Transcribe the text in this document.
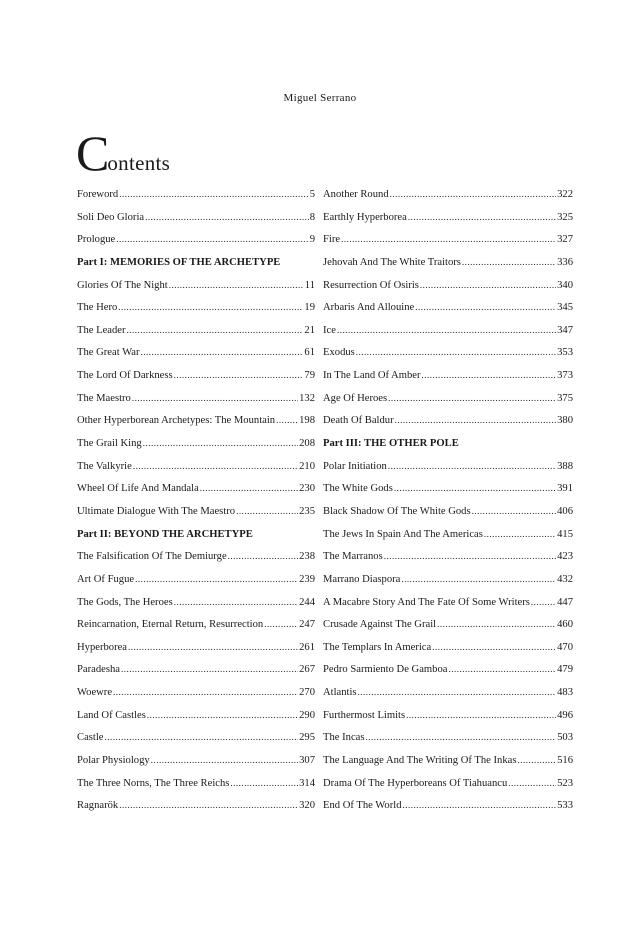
Miguel Serrano
Contents
Foreword .....	5
Soli Deo Gloria .....	8
Prologue .....	9
Part I: MEMORIES OF THE ARCHETYPE
Glories Of The Night .....	11
The Hero .....	19
The Leader .....	21
The Great War .....	61
The Lord Of Darkness .....	79
The Maestro .....	132
Other Hyperborean Archetypes: The Mountain ..... 198
The Grail King .....	208
The Valkyrie .....	210
Wheel Of Life And Mandala .....	230
Ultimate Dialogue With The Maestro .....	235
Part II: BEYOND THE ARCHETYPE
The Falsification Of The Demiurge .....	238
Art Of Fugue .....	239
The Gods, The Heroes .....	244
Reincarnation, Eternal Return, Resurrection .....	247
Hyperborea .....	261
Paradesha .....	267
Woewre .....	270
Land Of Castles .....	290
Castle .....	295
Polar Physiology .....	307
The Three Norns, The Three Reichs .....	314
Ragnarök .....	320
Another Round .....	322
Earthly Hyperborea .....	325
Fire .....	327
Jehovah And The White Traitors .....	336
Resurrection Of Osiris .....	340
Arbaris And Allouine .....	345
Ice .....	347
Exodus .....	353
In The Land Of Amber .....	373
Age Of Heroes .....	375
Death Of Baldur .....	380
Part III: THE OTHER POLE
Polar Initiation .....	388
The White Gods .....	391
Black Shadow Of The White Gods .....	406
The Jews In Spain And The Americas .....	415
The Marranos .....	423
Marrano Diaspora .....	432
A Macabre Story And The Fate Of Some Writers .....	447
Crusade Against The Grail .....	460
The Templars In America .....	470
Pedro Sarmiento De Gamboa .....	479
Atlantis .....	483
Furthermost Limits .....	496
The Incas .....	503
The Language And The Writing Of The Inkas .....	516
Drama Of The Hyperboreans Of Tiahuancu .....	523
End Of The World .....	533
